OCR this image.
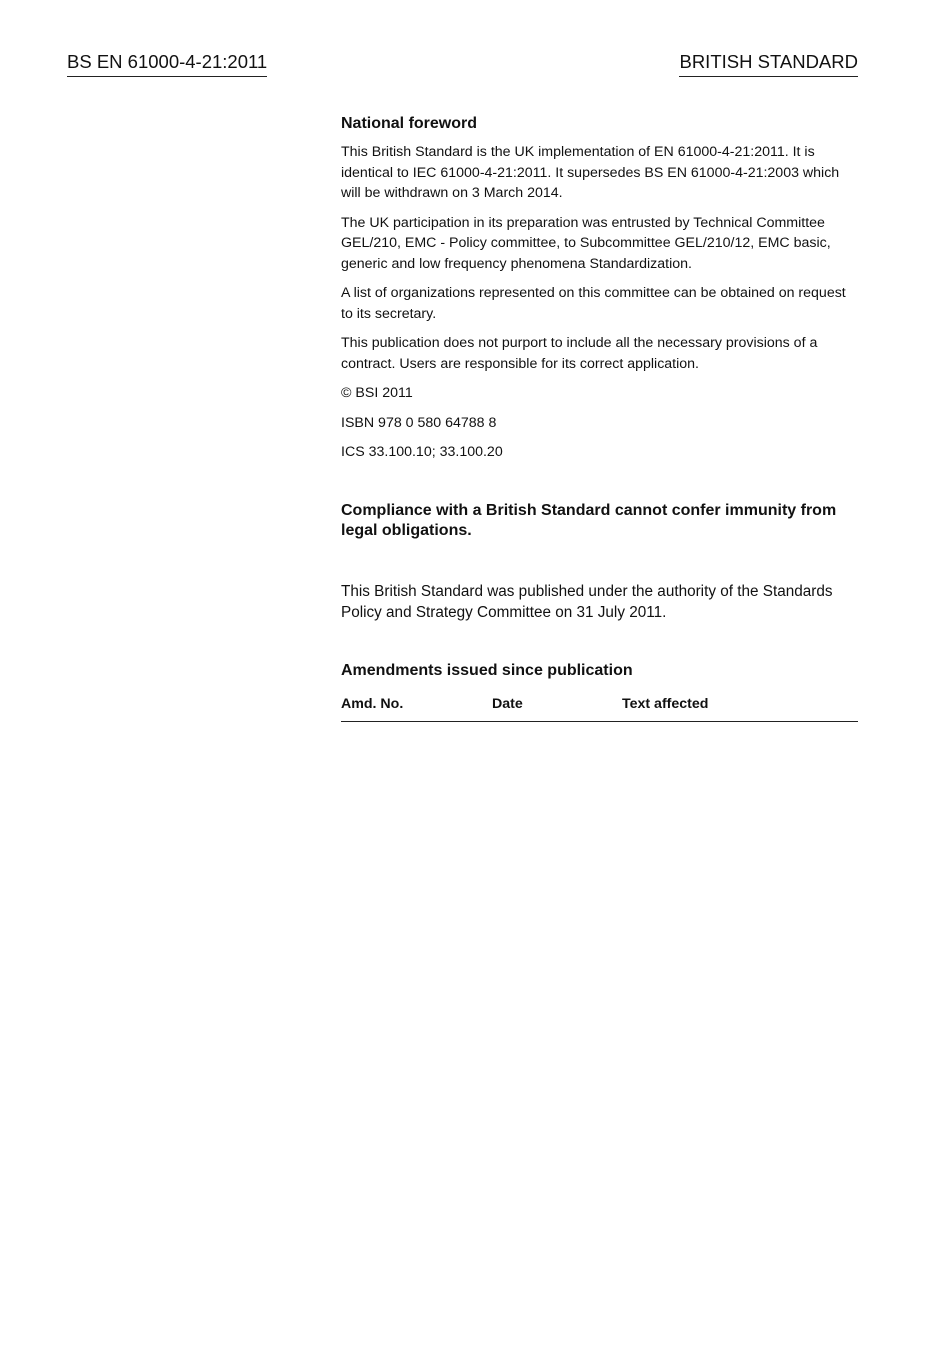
BS EN 61000-4-21:2011	BRITISH STANDARD

National foreword

This British Standard is the UK implementation of EN 61000-4-21:2011. It is identical to IEC 61000-4-21:2011. It supersedes BS EN 61000-4-21:2003 which will be withdrawn on 3 March 2014.

The UK participation in its preparation was entrusted by Technical Committee GEL/210, EMC - Policy committee, to Subcommittee GEL/210/12, EMC basic, generic and low frequency phenomena Standardization.

A list of organizations represented on this committee can be obtained on request to its secretary.

This publication does not purport to include all the necessary provisions of a contract. Users are responsible for its correct application.

© BSI 2011
ISBN 978 0 580 64788 8
ICS 33.100.10; 33.100.20
Compliance with a British Standard cannot confer immunity from legal obligations.
This British Standard was published under the authority of the Standards Policy and Strategy Committee on 31 July 2011.
Amendments issued since publication
Amd. No.	Date	Text affected
